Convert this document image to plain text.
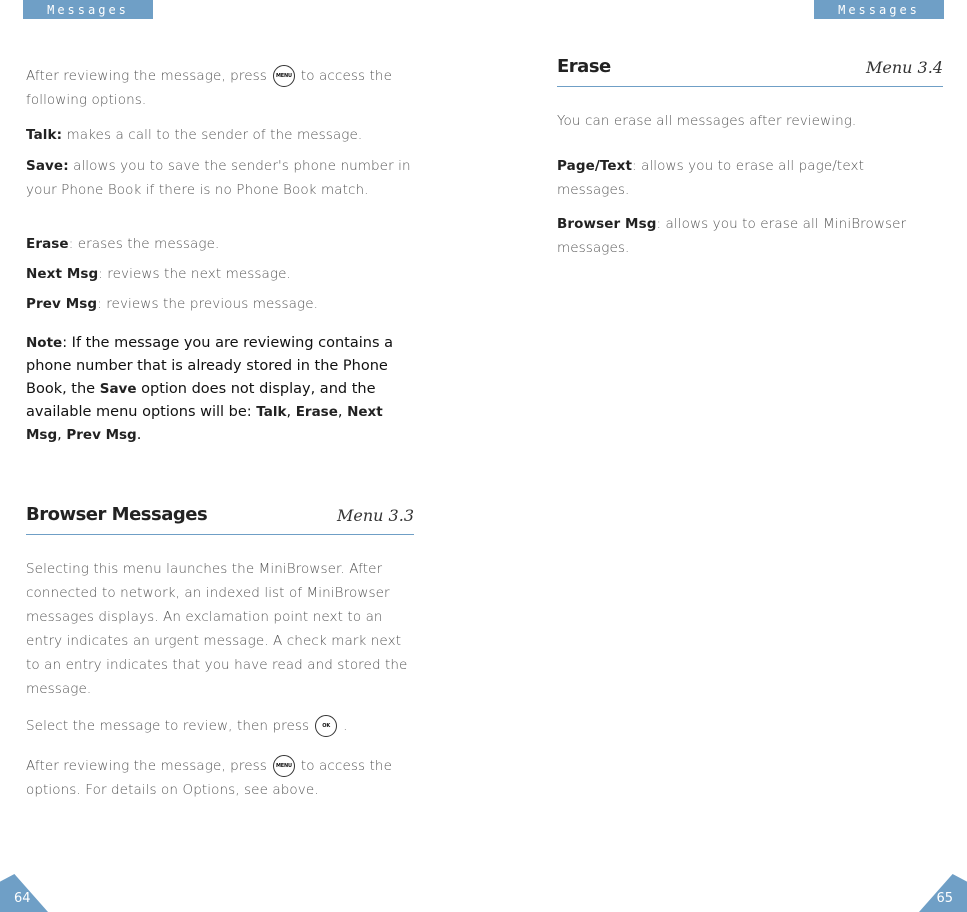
Messages	Messages

After reviewing the message, press MENU to access the following options.

Talk: makes a call to the sender of the message.

Save: allows you to save the sender's phone number in your Phone Book if there is no Phone Book match.

Erase: erases the message.

Next Msg: reviews the next message.

Prev Msg: reviews the previous message.

Note: If the message you are reviewing contains a phone number that is already stored in the Phone Book, the Save option does not display, and the available menu options will be: Talk, Erase, Next Msg, Prev Msg.

Browser Messages	Menu 3.3

Selecting this menu launches the MiniBrowser. After connected to network, an indexed list of MiniBrowser messages displays. An exclamation point next to an entry indicates an urgent message. A check mark next to an entry indicates that you have read and stored the message.

Select the message to review, then press	OK .

After reviewing the message, press MENU to access the options. For details on Options, see above.

Erase	Menu 3.4

You can erase all messages after reviewing.

Page/Text: allows you to erase all page/text messages.

Browser Msg: allows you to erase all MiniBrowser messages.

64	65
